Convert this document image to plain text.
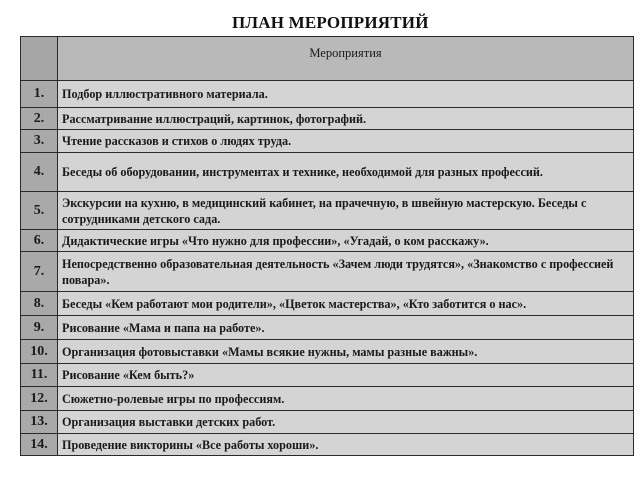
ПЛАН МЕРОПРИЯТИЙ
	Мероприятия
1.	Подбор иллюстративного материала.
2.	Рассматривание иллюстраций, картинок, фотографий.
3.	Чтение рассказов и стихов о людях труда.
4.	Беседы об оборудовании, инструментах и технике, необходимой для разных профессий.
5.	Экскурсии на кухню, в медицинский кабинет, на прачечную, в швейную мастерскую. Беседы с сотрудниками детского сада.
6.	Дидактические игры «Что нужно для профессии», «Угадай, о ком расскажу».
7.	Непосредственно образовательная деятельность «Зачем люди трудятся», «Знакомство с профессией повара».
8.	Беседы «Кем работают мои родители», «Цветок мастерства», «Кто заботится о нас».
9.	Рисование «Мама и папа на работе».
10.	Организация фотовыставки «Мамы всякие нужны, мамы разные важны».
11.	Рисование «Кем быть?»
12.	Сюжетно-ролевые игры по профессиям.
13.	Организация выставки детских работ.
14.	Проведение викторины «Все работы хороши».
